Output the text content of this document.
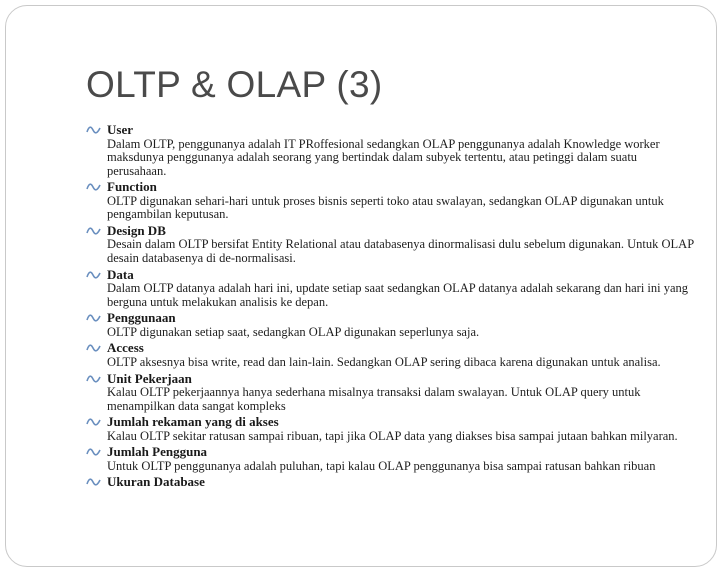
OLTP & OLAP (3)
User
Dalam OLTP, penggunanya adalah IT PRoffesional sedangkan OLAP penggunanya adalah Knowledge worker maksdunya penggunanya adalah seorang yang bertindak dalam subyek tertentu, atau petinggi dalam suatu perusahaan.
Function
OLTP digunakan sehari-hari untuk proses bisnis seperti toko atau swalayan, sedangkan OLAP digunakan untuk pengambilan keputusan.
Design DB
Desain dalam OLTP bersifat Entity Relational atau databasenya dinormalisasi dulu sebelum digunakan. Untuk OLAP desain databasenya di de-normalisasi.
Data
Dalam OLTP datanya adalah hari ini, update setiap saat sedangkan OLAP datanya adalah sekarang dan hari ini yang berguna untuk melakukan analisis ke depan.
Penggunaan
OLTP digunakan setiap saat, sedangkan OLAP digunakan seperlunya saja.
Access
OLTP aksesnya bisa write, read dan lain-lain. Sedangkan OLAP sering dibaca karena digunakan untuk analisa.
Unit Pekerjaan
Kalau OLTP pekerjaannya hanya sederhana misalnya transaksi dalam swalayan. Untuk OLAP query untuk menampilkan data sangat kompleks
Jumlah rekaman yang di akses
Kalau OLTP sekitar ratusan sampai ribuan, tapi jika OLAP data yang diakses bisa sampai jutaan bahkan milyaran.
Jumlah Pengguna
Untuk OLTP penggunanya adalah puluhan, tapi kalau OLAP penggunanya bisa sampai ratusan bahkan ribuan
Ukuran Database
